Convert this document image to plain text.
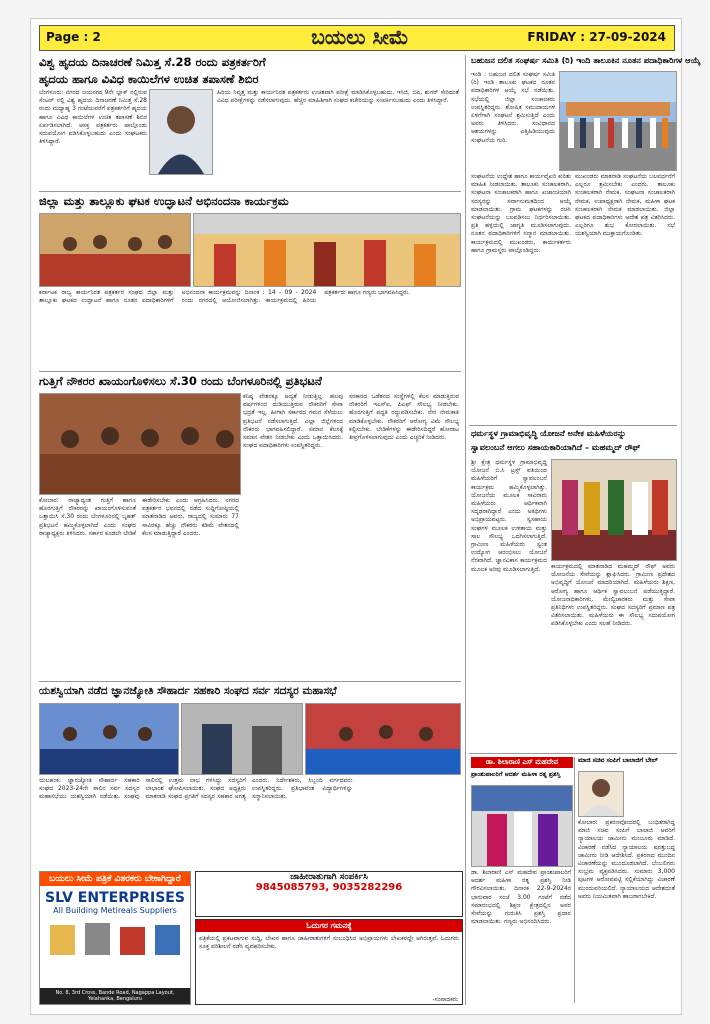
Page : 2	ಬಯಲು ಸೀಮೆ	FRIDAY : 27-09-2024
ವಿಶ್ವ ಹೃದಯ ದಿನಾಚರಣೆ ನಿಮಿತ್ತ ಸೆ.28 ರಂದು ಪತ್ರಕರ್ತರಿಗೆ
ಹೃದಯ ಹಾಗೂ ವಿವಿಧ ಕಾಯಿಲೆಗಳ ಉಚಿತ ತಪಾಸಣೆ ಶಿಬಿರ
ಬೆಂಗಳೂರು: ನಗರದ ಜಯನಗರ 9ನೇ ಬ್ಲಾಕ್ ನಲ್ಲಿರುವ ಸೆಂಟರ್ ನಲ್ಲಿ ವಿಶ್ವ ಹೃದಯ ದಿನಾಚರಣೆ ನಿಮಿತ್ತ ಸೆ.28 ರಂದು ಮಧ್ಯಾಹ್ನ 3 ಗಂಟೆಯವರೆಗೆ ಪತ್ರಕರ್ತರಿಗೆ ಹೃದಯ ಹಾಗೂ ವಿವಿಧ ಕಾಯಿಲೆಗಳ ಉಚಿತ ತಪಾಸಣೆ ಶಿಬಿರ ಏರ್ಪಡಿಸಲಾಗಿದೆ. ಆಸಕ್ತ ಪತ್ರಕರ್ತರು ಪಾಲ್ಗೊಂಡು ಸದುಪಯೋಗ ಪಡಿಸಿಕೊಳ್ಳಬಹುದು ಎಂದು ಸಂಘಟಕರು ತಿಳಿಸಿದ್ದಾರೆ.
ಹಿರಿಯ ನಿವೃತ್ತ ಮತ್ತು ಕಾರ್ಯನಿರತ ಪತ್ರಕರ್ತರು ಉಚಿತವಾಗಿ ಪರೀಕ್ಷೆ ಮಾಡಿಸಿಕೊಳ್ಳಬಹುದು. ಇಸಿಜಿ, ಬಿಪಿ, ಶುಗರ್ ಸೇರಿದಂತೆ ವಿವಿಧ ಪರೀಕ್ಷೆಗಳನ್ನು ನಡೆಸಲಾಗುವುದು. ಹೆಚ್ಚಿನ ಮಾಹಿತಿಗಾಗಿ ಸಂಘದ ಕಚೇರಿಯನ್ನು ಸಂಪರ್ಕಿಸಬಹುದು ಎಂದು ತಿಳಿಸಿದ್ದಾರೆ.
ಜಿಲ್ಲಾ ಮತ್ತು ತಾಲ್ಲೂಕು ಘಟಕ ಉದ್ಘಾಟನೆ ಅಭಿನಂದನಾ ಕಾರ್ಯಕ್ರಮ
ಕರ್ನಾಟಕ ರಾಜ್ಯ ಕಾರ್ಯನಿರತ ಪತ್ರಕರ್ತರ ಸಂಘದ ಜಿಲ್ಲಾ ಮತ್ತು ತಾಲ್ಲೂಕು ಘಟಕದ ಉದ್ಘಾಟನೆ ಹಾಗೂ ನೂತನ ಪದಾಧಿಕಾರಿಗಳಿಗೆ ಅಭಿನಂದನಾ ಕಾರ್ಯಕ್ರಮವನ್ನು ದಿನಾಂಕ : 14 - 09 - 2024 ರಂದು ನಗರದಲ್ಲಿ ಆಯೋಜಿಸಲಾಗಿತ್ತು. ಕಾರ್ಯಕ್ರಮದಲ್ಲಿ ಹಿರಿಯ ಪತ್ರಕರ್ತರು ಹಾಗೂ ಗಣ್ಯರು ಭಾಗವಹಿಸಿದ್ದರು.
ಗುತ್ತಿಗೆ ನೌಕರರ ಖಾಯಂಗೊಳಿಸಲು ಸೆ.30 ರಂದು ಬೆಂಗಳೂರಿನಲ್ಲಿ ಪ್ರತಿಭಟನೆ
ಕನಿಷ್ಠ ವೇತನಕ್ಕೂ ಆದ್ಯತೆ ನೀಡುತ್ತಿಲ್ಲ. ಹಲವು ವರ್ಷಗಳಿಂದ ದುಡಿಯುತ್ತಿರುವ ನೌಕರರಿಗೆ ಸೇವಾ ಭದ್ರತೆ ಇಲ್ಲ. ಹೀಗಾಗಿ ಸರ್ಕಾರದ ಗಮನ ಸೆಳೆಯಲು ಪ್ರತಿಭಟನೆ ನಡೆಸಲಾಗುತ್ತಿದೆ. ಎಲ್ಲಾ ಜಿಲ್ಲೆಗಳಿಂದ ನೌಕರರು ಭಾಗವಹಿಸಲಿದ್ದಾರೆ. ಸಮಾನ ಕೆಲಸಕ್ಕೆ ಸಮಾನ ವೇತನ ನೀಡಬೇಕು ಎಂದು ಒತ್ತಾಯಿಸಿದರು. ಸಂಘದ ಪದಾಧಿಕಾರಿಗಳು ಉಪಸ್ಥಿತರಿದ್ದರು.
ಸರಕಾರದ ಒಡೆತನದ ಸಂಸ್ಥೆಗಳಲ್ಲಿ ಕೆಲಸ ಮಾಡುತ್ತಿರುವ ನೌಕರರಿಗೆ ಇಎಸ್ಐ, ಪಿಎಫ್ ಸೌಲಭ್ಯ ನೀಡಬೇಕು. ಹೊರಗುತ್ತಿಗೆ ಪದ್ಧತಿ ರದ್ದುಪಡಿಸಬೇಕು. ನೇರ ನೇಮಕಾತಿ ಮಾಡಿಕೊಳ್ಳಬೇಕು. ನೌಕರರಿಗೆ ಆರೋಗ್ಯ ವಿಮೆ ಸೌಲಭ್ಯ ಕಲ್ಪಿಸಬೇಕು. ಬೇಡಿಕೆಗಳನ್ನು ಈಡೇರಿಸದಿದ್ದರೆ ಹೋರಾಟ ತೀವ್ರಗೊಳಿಸಲಾಗುವುದು ಎಂದು ಎಚ್ಚರಿಕೆ ನೀಡಿದರು.
ಕೋಲಾರ: ರಾಜ್ಯಾದ್ಯಂತ ಗುತ್ತಿಗೆ ಹಾಗೂ ಹೊರಗುತ್ತಿಗೆ ನೌಕರರನ್ನು ಖಾಯಂಗೊಳಿಸುವಂತೆ ಒತ್ತಾಯಿಸಿ ಸೆ.30 ರಂದು ಬೆಂಗಳೂರಿನಲ್ಲಿ ಬೃಹತ್ ಪ್ರತಿಭಟನೆ ಹಮ್ಮಿಕೊಳ್ಳಲಾಗಿದೆ ಎಂದು ಸಂಘದ ರಾಜ್ಯಾಧ್ಯಕ್ಷರು ತಿಳಿಸಿದರು. ಸರ್ಕಾರ ಕೂಡಲೇ ಬೇಡಿಕೆ ಈಡೇರಿಸಬೇಕು ಎಂದು ಆಗ್ರಹಿಸಿದರು. ನಗರದ ಪತ್ರಕರ್ತರ ಭವನದಲ್ಲಿ ನಡೆದ ಸುದ್ದಿಗೋಷ್ಠಿಯಲ್ಲಿ ಮಾತನಾಡಿದ ಅವರು, ರಾಜ್ಯದಲ್ಲಿ ಸುಮಾರು 77 ಸಾವಿರಕ್ಕೂ ಹೆಚ್ಚು ನೌಕರರು ಕಡಿಮೆ ವೇತನದಲ್ಲಿ ಕೆಲಸ ಮಾಡುತ್ತಿದ್ದಾರೆ ಎಂದರು.
ಯಶಸ್ವಿಯಾಗಿ ನಡೆದ ಜ್ಞಾನಜ್ಯೋತಿ ಸೌಹಾರ್ದ ಸಹಕಾರಿ ಸಂಘದ ಸರ್ವ ಸದಸ್ಯರ ಮಹಾಸಭೆ
ಯಲಹಂಕ: ಜ್ಞಾನಜ್ಯೋತಿ ಸೌಹಾರ್ದ ಸಹಕಾರಿ ಸಂಘದ 2023-24ನೇ ಸಾಲಿನ ಸರ್ವ ಸದಸ್ಯರ ಮಹಾಸಭೆಯು ಯಶಸ್ವಿಯಾಗಿ ನಡೆಯಿತು. ಸಂಘವು ಸಾಲಿನಲ್ಲಿ ಉತ್ತಮ ಲಾಭ ಗಳಿಸಿದ್ದು ಸದಸ್ಯರಿಗೆ ಲಾಭಾಂಶ ಘೋಷಿಸಲಾಯಿತು. ಸಂಘದ ಅಧ್ಯಕ್ಷರು ಮಾತನಾಡಿ ಸಂಘದ ಪ್ರಗತಿಗೆ ಸದಸ್ಯರ ಸಹಕಾರ ಅಗತ್ಯ ಎಂದರು. ನಿರ್ದೇಶಕರು, ಸಿಬ್ಬಂದಿ ವರ್ಗದವರು ಉಪಸ್ಥಿತರಿದ್ದರು. ಪ್ರತಿಭಾವಂತ ವಿದ್ಯಾರ್ಥಿಗಳನ್ನು ಸನ್ಮಾನಿಸಲಾಯಿತು.
ಬಯಲು ಸೀಮೆ ಪತ್ರಿಕೆ ವಿತರಕರು ಬೇಕಾಗಿದ್ದಾರೆ
SLV ENTERPRISES
All Building Metireals Suppliers
No. 8, 3rd Cross, Bande Road, Nagappa Layout, Yelahanka, Bengaluru
ಜಾಹೀರಾತುಗಾಗಿ ಸಂಪರ್ಕಿಸಿ
9845085793, 9035282296
ಓದುಗರ ಗಮನಕ್ಕೆ
ಪತ್ರಿಕೆಯಲ್ಲಿ ಪ್ರಕಟವಾಗುವ ಸುದ್ದಿ, ಲೇಖನ ಹಾಗೂ ಜಾಹೀರಾತುಗಳಿಗೆ ಸಂಬಂಧಿಸಿದ ಅಭಿಪ್ರಾಯಗಳು ಲೇಖಕರದ್ದೇ ಆಗಿರುತ್ತವೆ. ಓದುಗರು ಸೂಕ್ತ ಪರಿಶೀಲನೆ ನಡೆಸಿ ವ್ಯವಹರಿಸಬೇಕು.
-ಸಂಪಾದಕರು
ಬಹುಜನ ದಲಿತ ಸಂಘರ್ಷ ಸಮಿತಿ (ರಿ) ಇಂದಿ ತಾಲೂಕಿನ ನೂತನ ಪದಾಧಿಕಾರಿಗಳ ಆಯ್ಕೆ
ಇಂಡಿ : ಬಹುಜನ ದಲಿತ ಸಂಘರ್ಷ ಸಮಿತಿ (ರಿ) ಇಂಡಿ ತಾಲೂಕು ಘಟಕದ ನೂತನ ಪದಾಧಿಕಾರಿಗಳ ಆಯ್ಕೆ ಸಭೆ ನಡೆಯಿತು. ಸಭೆಯಲ್ಲಿ ಜಿಲ್ಲಾ ಸಂಚಾಲಕರು ಉಪಸ್ಥಿತರಿದ್ದರು. ಶೋಷಿತ ಸಮುದಾಯಗಳ ಏಳಿಗೆಗಾಗಿ ಸಂಘಟನೆ ಶ್ರಮಿಸುತ್ತಿದೆ ಎಂದು ಅವರು ತಿಳಿಸಿದರು. ಸಂವಿಧಾನದ ಆಶಯಗಳನ್ನು ಎತ್ತಿಹಿಡಿಯುವುದು ಸಂಘಟನೆಯ ಗುರಿ.
ಸಂಘಟನೆಯ ಉದ್ದೇಶ ಹಾಗೂ ಕಾರ್ಯವೈಖರಿ ಕುರಿತು ಮಾಹಿತಿ ನೀಡಲಾಯಿತು. ತಾಲೂಕು ಸಂಚಾಲಕರಾಗಿ, ಸಂಘಟನಾ ಸಂಚಾಲಕರಾಗಿ ಹಾಗೂ ಖಜಾಂಚಿಯಾಗಿ ಸದಸ್ಯರನ್ನು ಸರ್ವಾನುಮತದಿಂದ ಆಯ್ಕೆ ಮಾಡಲಾಯಿತು. ಗ್ರಾಮ ಘಟಕಗಳನ್ನು ರಚಿಸಿ ಸಂಘಟನೆಯನ್ನು ಬಲಪಡಿಸಲು ನಿರ್ಧರಿಸಲಾಯಿತು. ಪ್ರತಿ ಹಳ್ಳಿಯಲ್ಲಿ ಜಾಗೃತಿ ಮೂಡಿಸಲಾಗುವುದು. ನೂತನ ಪದಾಧಿಕಾರಿಗಳಿಗೆ ಸನ್ಮಾನ ಮಾಡಲಾಯಿತು. ಕಾರ್ಯಕ್ರಮದಲ್ಲಿ ಮುಖಂಡರು, ಕಾರ್ಯಕರ್ತರು ಹಾಗೂ ಗ್ರಾಮಸ್ಥರು ಪಾಲ್ಗೊಂಡಿದ್ದರು.
ಮುಖಂಡರು ಮಾತನಾಡಿ ಸಂಘಟನೆಯ ಬಲವರ್ಧನೆಗೆ ಎಲ್ಲರೂ ಶ್ರಮಿಸಬೇಕು ಎಂದರು. ತಾಲೂಕು ಸಂಚಾಲಕರಾಗಿ ನೇಮಕ, ಸಂಘಟನಾ ಸಂಚಾಲಕರಾಗಿ ನೇಮಕ, ಉಪಾಧ್ಯಕ್ಷರಾಗಿ ನೇಮಕ, ಮಹಿಳಾ ಘಟಕ ಸಂಚಾಲಕರಾಗಿ ನೇಮಕ ಮಾಡಲಾಯಿತು. ಜಿಲ್ಲಾ ಘಟಕದ ಪದಾಧಿಕಾರಿಗಳು ಆದೇಶ ಪತ್ರ ವಿತರಿಸಿದರು. ಎಲ್ಲರಿಗೂ ಶುಭ ಕೋರಲಾಯಿತು. ಸಭೆ ಯಶಸ್ವಿಯಾಗಿ ಮುಕ್ತಾಯಗೊಂಡಿತು.
ಧರ್ಮಸ್ಥಳ ಗ್ರಾಮಾಭಿವೃದ್ಧಿ ಯೋಜನೆ ಅನೇಕ ಮಹಿಳೆಯರನ್ನು
ಸ್ವಾವಲಂಬನೆ ಆಗಲು ಸಹಾಯಕಾರಿಯಾಗಿದೆ – ಮಹಮ್ಮದ್ ರೌಫ್
ಶ್ರೀ ಕ್ಷೇತ್ರ ಧರ್ಮಸ್ಥಳ ಗ್ರಾಮಾಭಿವೃದ್ಧಿ ಯೋಜನೆ ಬಿ.ಸಿ ಟ್ರಸ್ಟ್ ವತಿಯಿಂದ ಮಹಿಳೆಯರಿಗೆ ಸ್ವಾವಲಂಬನೆ ಕಾರ್ಯಕ್ರಮ ಹಮ್ಮಿಕೊಳ್ಳಲಾಗಿತ್ತು. ಯೋಜನೆಯ ಮೂಲಕ ಸಾವಿರಾರು ಮಹಿಳೆಯರು ಆರ್ಥಿಕವಾಗಿ ಸದೃಢರಾಗಿದ್ದಾರೆ ಎಂದು ಅತಿಥಿಗಳು ಅಭಿಪ್ರಾಯಪಟ್ಟರು. ಸ್ವಸಹಾಯ ಸಂಘಗಳ ಮೂಲಕ ಉಳಿತಾಯ ಮತ್ತು ಸಾಲ ಸೌಲಭ್ಯ ಒದಗಿಸಲಾಗುತ್ತಿದೆ. ಗ್ರಾಮೀಣ ಮಹಿಳೆಯರು ಸ್ವಂತ ಉದ್ಯೋಗ ಆರಂಭಿಸಲು ಯೋಜನೆ ನೆರವಾಗಿದೆ. ಜ್ಞಾನವಿಕಾಸ ಕಾರ್ಯಕ್ರಮದ ಮೂಲಕ ಅರಿವು ಮೂಡಿಸಲಾಗುತ್ತಿದೆ.	ಕಾರ್ಯಕ್ರಮದಲ್ಲಿ ಮಾತನಾಡಿದ ಮಹಮ್ಮದ್ ರೌಫ್ ಅವರು ಯೋಜನೆಯ ಸೇವೆಯನ್ನು ಶ್ಲಾಘಿಸಿದರು. ಗ್ರಾಮೀಣ ಪ್ರದೇಶದ ಅಭಿವೃದ್ಧಿಗೆ ಯೋಜನೆ ಮಾದರಿಯಾಗಿದೆ. ಮಹಿಳೆಯರು ಶಿಕ್ಷಣ, ಆರೋಗ್ಯ ಹಾಗೂ ಆರ್ಥಿಕ ಸ್ವಾವಲಂಬನೆ ಪಡೆಯುತ್ತಿದ್ದಾರೆ. ಯೋಜನಾಧಿಕಾರಿಗಳು, ಮೇಲ್ವಿಚಾರಕರು ಮತ್ತು ಸೇವಾ ಪ್ರತಿನಿಧಿಗಳು ಉಪಸ್ಥಿತರಿದ್ದರು. ಸಂಘದ ಸದಸ್ಯರಿಗೆ ಪ್ರಮಾಣ ಪತ್ರ ವಿತರಿಸಲಾಯಿತು. ಮಹಿಳೆಯರು ಈ ಸೌಲಭ್ಯ ಸದುಪಯೋಗ ಪಡಿಸಿಕೊಳ್ಳಬೇಕು ಎಂದು ಸಲಹೆ ನೀಡಿದರು.
ಡಾ. ಶಿಲಾರಾಣಿ ಎಸ್ ಮಹದೇವ
ಪ್ರಾಂಶುಪಾಲರಿಗೆ ಆದರ್ಶ ಮಹಿಳಾ ರತ್ನ ಪ್ರಶಸ್ತಿ
ಡಾ. ಶಿಲಾರಾಣಿ ಎಸ್ ಮಹದೇವ ಪ್ರಾಂಶುಪಾಲರಿಗೆ ಆದರ್ಶ ಮಹಿಳಾ ರತ್ನ ಪ್ರಶಸ್ತಿ ನೀಡಿ ಗೌರವಿಸಲಾಯಿತು. ದಿನಾಂಕ 22-9-2024ರ ಭಾನುವಾರ ಸಂಜೆ 3.00 ಗಂಟೆಗೆ ನಡೆದ ಸಮಾರಂಭದಲ್ಲಿ ಶಿಕ್ಷಣ ಕ್ಷೇತ್ರದಲ್ಲಿನ ಅವರ ಸೇವೆಯನ್ನು ಗುರುತಿಸಿ ಪ್ರಶಸ್ತಿ ಪ್ರದಾನ ಮಾಡಲಾಯಿತು. ಗಣ್ಯರು ಅಭಿನಂದಿಸಿದರು.
ಮಾಜಿ ಸಚಿವ ಸಂಪಿಗೆ ಬಾಲಾಜಿಗೆ ಬೇಲ್
ಕೋಲಾರ: ಪ್ರಕರಣವೊಂದರಲ್ಲಿ ಬಂಧಿತರಾಗಿದ್ದ ಮಾಜಿ ಸಚಿವ ಸಂಪಿಗೆ ಬಾಲಾಜಿ ಅವರಿಗೆ ನ್ಯಾಯಾಲಯ ಜಾಮೀನು ಮಂಜೂರು ಮಾಡಿದೆ. ವಿಚಾರಣೆ ನಡೆಸಿದ ನ್ಯಾಯಾಲಯ ಷರತ್ತುಬದ್ಧ ಜಾಮೀನು ನೀಡಿ ಆದೇಶಿಸಿದೆ. ಪ್ರಕರಣದ ಮುಂದಿನ ವಿಚಾರಣೆಯನ್ನು ಮುಂದೂಡಲಾಗಿದೆ. ಬೆಂಬಲಿಗರು ಸಂಭ್ರಮ ವ್ಯಕ್ತಪಡಿಸಿದರು. ಸುಮಾರು 3,000 ಪುಟಗಳ ಆರೋಪಪಟ್ಟಿ ಸಲ್ಲಿಕೆಯಾಗಿದ್ದು ವಿಚಾರಣೆ ಮುಂದುವರಿಯಲಿದೆ. ನ್ಯಾಯಾಲಯದ ಆದೇಶದಂತೆ ಅವರು ನಿಯಮಿತವಾಗಿ ಹಾಜರಾಗಬೇಕಿದೆ.
